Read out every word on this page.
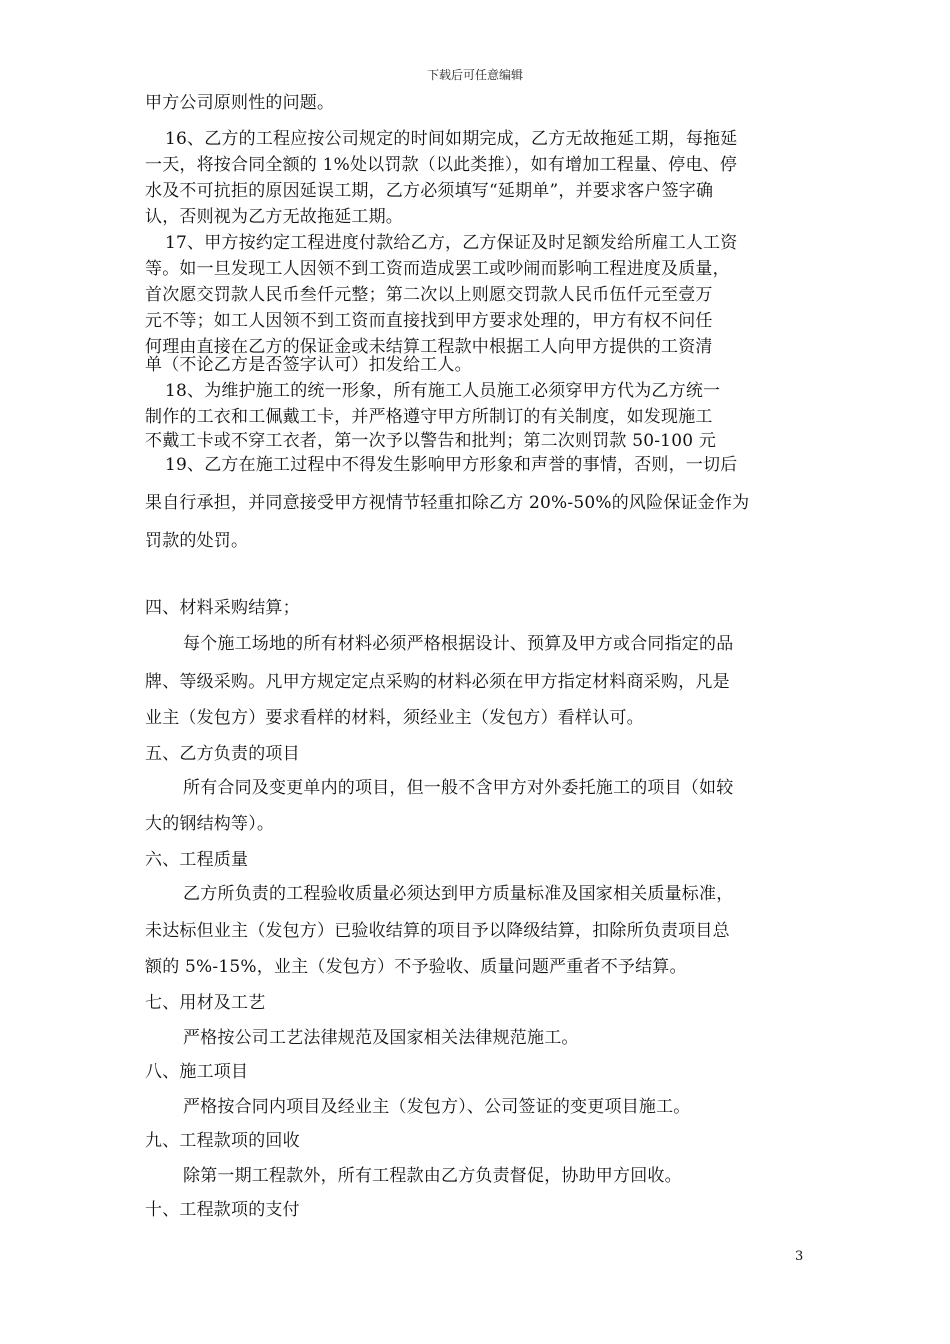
下载后可任意编辑
甲方公司原则性的问题。
16、乙方的工程应按公司规定的时间如期完成，乙方无故拖延工期，每拖延
一天，将按合同全额的 1%处以罚款（以此类推），如有增加工程量、停电、停
水及不可抗拒的原因延误工期，乙方必须填写“延期单”，并要求客户签字确
认，否则视为乙方无故拖延工期。
17、甲方按约定工程进度付款给乙方，乙方保证及时足额发给所雇工人工资
等。如一旦发现工人因领不到工资而造成罢工或吵闹而影响工程进度及质量，
首次愿交罚款人民币叁仟元整；第二次以上则愿交罚款人民币伍仟元至壹万
元不等；如工人因领不到工资而直接找到甲方要求处理的，甲方有权不问任
何理由直接在乙方的保证金或未结算工程款中根据工人向甲方提供的工资清
单（不论乙方是否签字认可）扣发给工人。
18、为维护施工的统一形象，所有施工人员施工必须穿甲方代为乙方统一
制作的工衣和工佩戴工卡，并严格遵守甲方所制订的有关制度，如发现施工
不戴工卡或不穿工衣者，第一次予以警告和批判；第二次则罚款 50-100 元
19、乙方在施工过程中不得发生影响甲方形象和声誉的事情，否则，一切后
果自行承担，并同意接受甲方视情节轻重扣除乙方 20%-50%的风险保证金作为
罚款的处罚。
四、材料采购结算；
每个施工场地的所有材料必须严格根据设计、预算及甲方或合同指定的品
牌、等级采购。凡甲方规定定点采购的材料必须在甲方指定材料商采购，凡是
业主（发包方）要求看样的材料，须经业主（发包方）看样认可。
五、乙方负责的项目
所有合同及变更单内的项目，但一般不含甲方对外委托施工的项目（如较
大的钢结构等）。
六、工程质量
乙方所负责的工程验收质量必须达到甲方质量标准及国家相关质量标准，
未达标但业主（发包方）已验收结算的项目予以降级结算，扣除所负责项目总
额的 5%-15%，业主（发包方）不予验收、质量问题严重者不予结算。
七、用材及工艺
严格按公司工艺法律规范及国家相关法律规范施工。
八、施工项目
严格按合同内项目及经业主（发包方）、公司签证的变更项目施工。
九、工程款项的回收
除第一期工程款外，所有工程款由乙方负责督促，协助甲方回收。
十、工程款项的支付
3
